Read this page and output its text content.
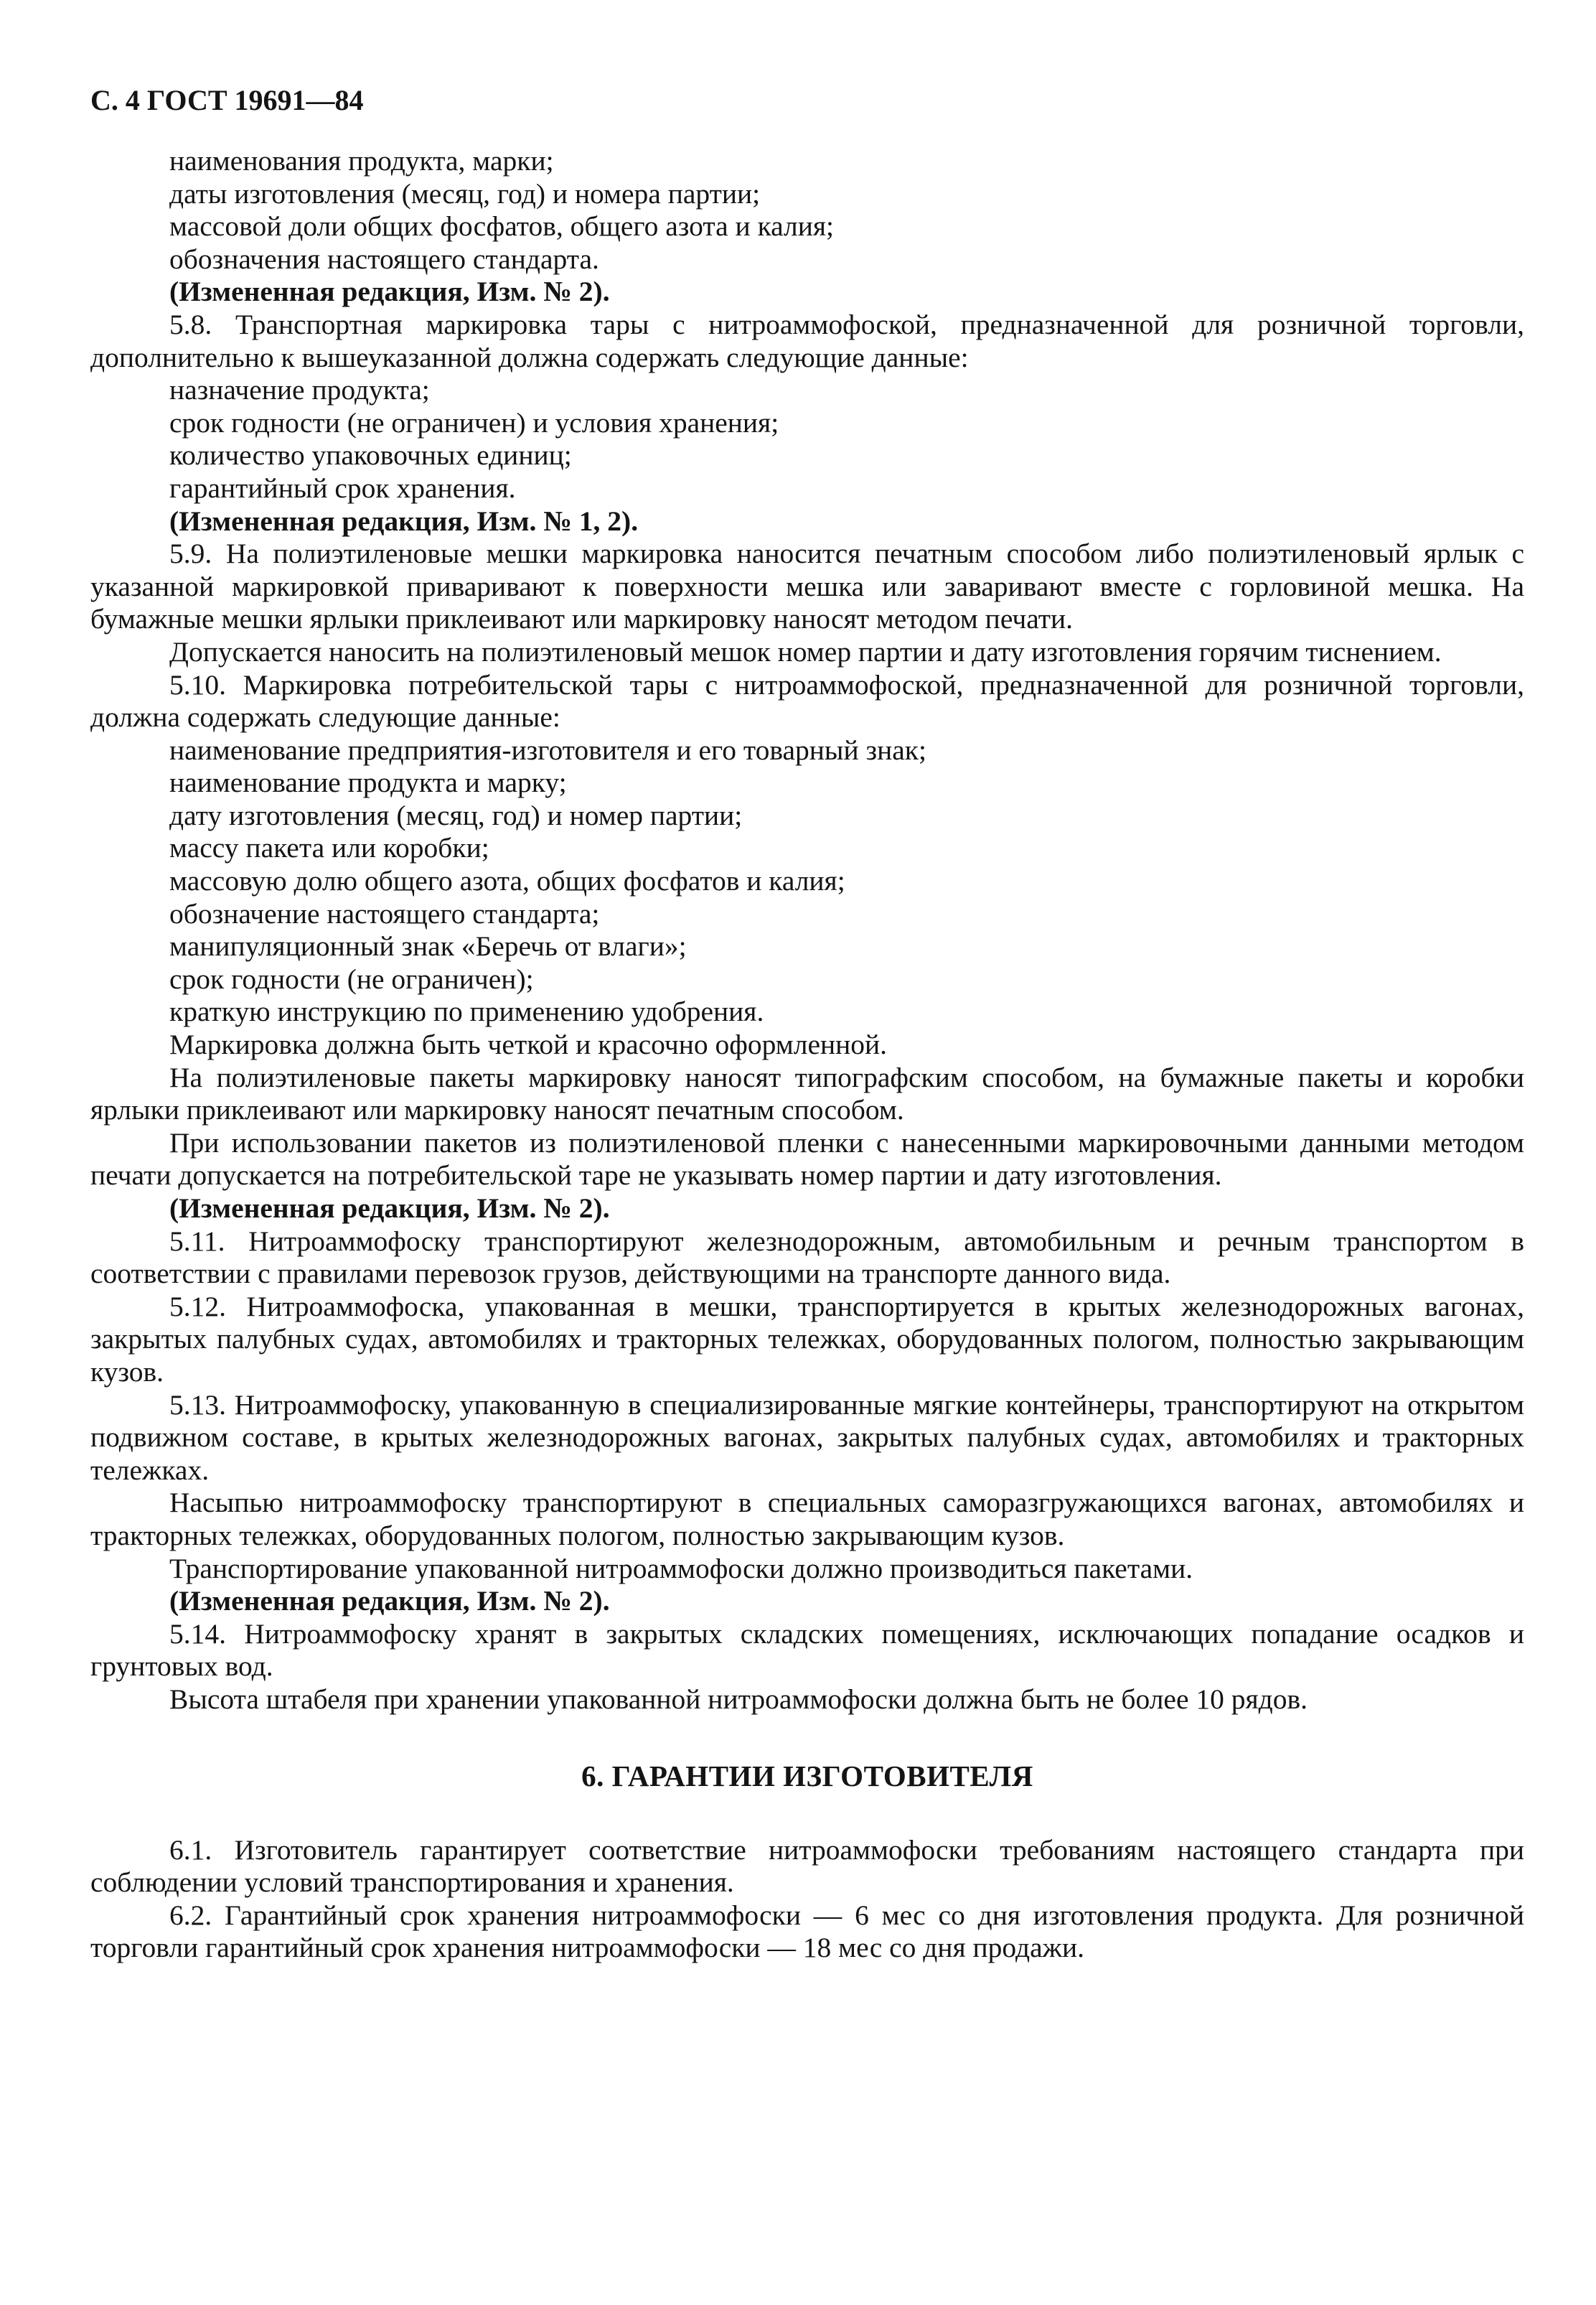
С. 4 ГОСТ 19691—84

наименования продукта, марки;

даты изготовления (месяц, год) и номера партии;

массовой доли общих фосфатов, общего азота и калия;

обозначения настоящего стандарта.

(Измененная редакция, Изм. № 2).

5.8. Транспортная маркировка тары с нитроаммофоской, предназначенной для розничной торговли, дополнительно к вышеуказанной должна содержать следующие данные:

назначение продукта;

срок годности (не ограничен) и условия хранения;

количество упаковочных единиц;

гарантийный срок хранения.

(Измененная редакция, Изм. № 1, 2).

5.9. На полиэтиленовые мешки маркировка наносится печатным способом либо полиэтиленовый ярлык с указанной маркировкой приваривают к поверхности мешка или заваривают вместе с горловиной мешка. На бумажные мешки ярлыки приклеивают или маркировку наносят методом печати.

Допускается наносить на полиэтиленовый мешок номер партии и дату изготовления горячим тиснением.

5.10. Маркировка потребительской тары с нитроаммофоской, предназначенной для розничной торговли, должна содержать следующие данные:

наименование предприятия-изготовителя и его товарный знак;

наименование продукта и марку;

дату изготовления (месяц, год) и номер партии;

массу пакета или коробки;

массовую долю общего азота, общих фосфатов и калия;

обозначение настоящего стандарта;

манипуляционный знак «Беречь от влаги»;

срок годности (не ограничен);

краткую инструкцию по применению удобрения.

Маркировка должна быть четкой и красочно оформленной.

На полиэтиленовые пакеты маркировку наносят типографским способом, на бумажные пакеты и коробки ярлыки приклеивают или маркировку наносят печатным способом.

При использовании пакетов из полиэтиленовой пленки с нанесенными маркировочными данными методом печати допускается на потребительской таре не указывать номер партии и дату изготовления.

(Измененная редакция, Изм. № 2).

5.11. Нитроаммофоску транспортируют железнодорожным, автомобильным и речным транспортом в соответствии с правилами перевозок грузов, действующими на транспорте данного вида.

5.12. Нитроаммофоска, упакованная в мешки, транспортируется в крытых железнодорожных вагонах, закрытых палубных судах, автомобилях и тракторных тележках, оборудованных пологом, полностью закрывающим кузов.

5.13. Нитроаммофоску, упакованную в специализированные мягкие контейнеры, транспортируют на открытом подвижном составе, в крытых железнодорожных вагонах, закрытых палубных судах, автомобилях и тракторных тележках.

Насыпью нитроаммофоску транспортируют в специальных саморазгружающихся вагонах, автомобилях и тракторных тележках, оборудованных пологом, полностью закрывающим кузов.

Транспортирование упакованной нитроаммофоски должно производиться пакетами.

(Измененная редакция, Изм. № 2).

5.14. Нитроаммофоску хранят в закрытых складских помещениях, исключающих попадание осадков и грунтовых вод.

Высота штабеля при хранении упакованной нитроаммофоски должна быть не более 10 рядов.

6. ГАРАНТИИ ИЗГОТОВИТЕЛЯ

6.1. Изготовитель гарантирует соответствие нитроаммофоски требованиям настоящего стандарта при соблюдении условий транспортирования и хранения.

6.2. Гарантийный срок хранения нитроаммофоски — 6 мес со дня изготовления продукта. Для розничной торговли гарантийный срок хранения нитроаммофоски — 18 мес со дня продажи.
